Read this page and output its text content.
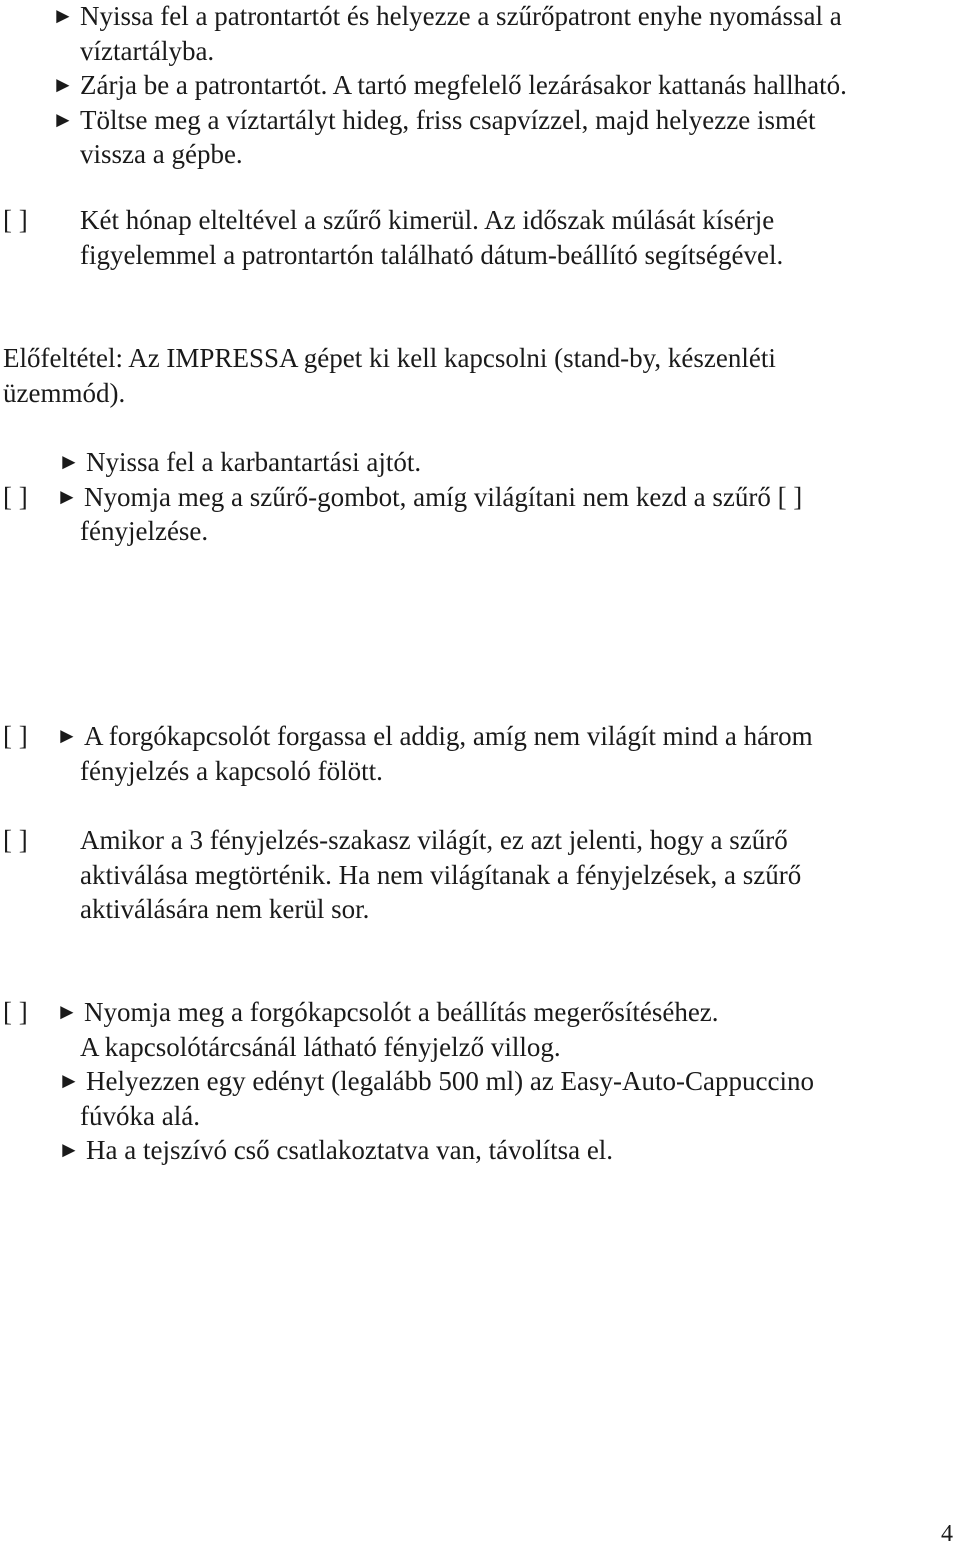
► Nyissa fel a patrontartót és helyezze a szűrőpatront enyhe nyomással a
víztartályba.
► Zárja be a patrontartót. A tartó megfelelő lezárásakor kattanás hallható.
► Töltse meg a víztartályt hideg, friss csapvízzel, majd helyezze ismét
vissza a gépbe.
[ ] Két hónap elteltével a szűrő kimerül. Az időszak múlását kísérje
figyelemmel a patrontartón található dátum-beállító segítségével.
Előfeltétel: Az IMPRESSA gépet ki kell kapcsolni (stand-by, készenléti
üzemmód).
► Nyissa fel a karbantartási ajtót.
[ ] ► Nyomja meg a szűrő-gombot, amíg világítani nem kezd a szűrő [ ]
fényjelzése.
[ ] ► A forgókapcsolót forgassa el addig, amíg nem világít mind a három
fényjelzés a kapcsoló fölött.
[ ] Amikor a 3 fényjelzés-szakasz világít, ez azt jelenti, hogy a szűrő
aktiválása megtörténik. Ha nem világítanak a fényjelzések, a szűrő
aktiválására nem kerül sor.
[ ] ► Nyomja meg a forgókapcsolót a beállítás megerősítéséhez.
A kapcsolótárcsánál látható fényjelző villog.
► Helyezzen egy edényt (legalább 500 ml) az Easy-Auto-Cappuccino
fúvóka alá.
► Ha a tejszívó cső csatlakoztatva van, távolítsa el.
4
